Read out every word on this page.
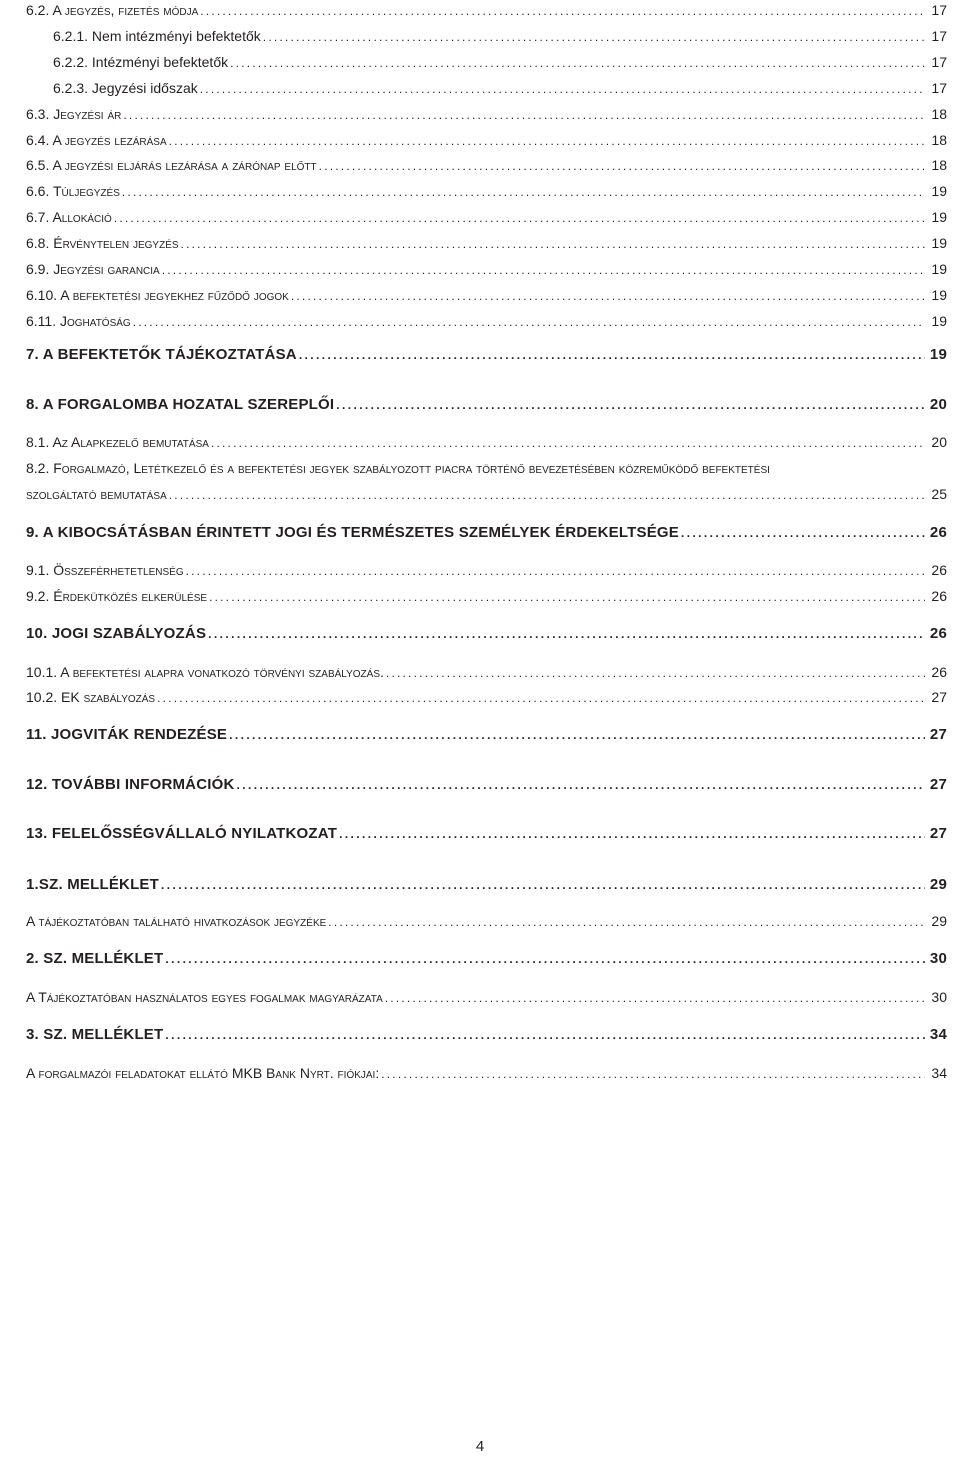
6.2. A jegyzés, fizetés módja .....	17
6.2.1. Nem intézményi befektetők .....	17
6.2.2. Intézményi befektetők .....	17
6.2.3. Jegyzési időszak .....	17
6.3. Jegyzési ár .....	18
6.4. A jegyzés lezárása .....	18
6.5. A jegyzési eljárás lezárása a zárónap előtt .....	18
6.6. Túljegyzés .....	19
6.7. Allokáció .....	19
6.8. Érvénytelen jegyzés .....	19
6.9. Jegyzési garancia .....	19
6.10. A befektetési jegyekhez fűződő jogok .....	19
6.11. Joghatóság .....	19
7. A BEFEKTETŐK TÁJÉKOZTATÁSA .....	19
8. A FORGALOMBA HOZATAL SZEREPLŐI .....	20
8.1. Az Alapkezelő bemutatása .....	20
8.2. Forgalmazó, Letétkezelő és a befektetési jegyek szabályozott piacra történő bevezetésében közreműködő befektetési
szolgáltató bemutatása .....	25
9. A KIBOCSÁTÁSBAN ÉRINTETT JOGI ÉS TERMÉSZETES SZEMÉLYEK ÉRDEKELTSÉGE .....	26
9.1. Összeférhetetlenség .....	26
9.2. Érdekütközés elkerülése .....	26
10. JOGI SZABÁLYOZÁS .....	26
10.1. A befektetési alapra vonatkozó törvényi szabályozás. .....	26
10.2. EK szabályozás .....	27
11. JOGVITÁK RENDEZÉSE .....	27
12. TOVÁBBI INFORMÁCIÓK .....	27
13. FELELŐSSÉGVÁLLALÓ NYILATKOZAT .....	27
1.SZ. MELLÉKLET .....	29
A tájékoztatóban található hivatkozások jegyzéke .....	29
2. SZ. MELLÉKLET .....	30
A Tájékoztatóban használatos egyes fogalmak magyarázata .....	30
3. SZ. MELLÉKLET .....	34
A forgalmazói feladatokat ellátó MKB Bank Nyrt. fiókjai: .....	34
4
